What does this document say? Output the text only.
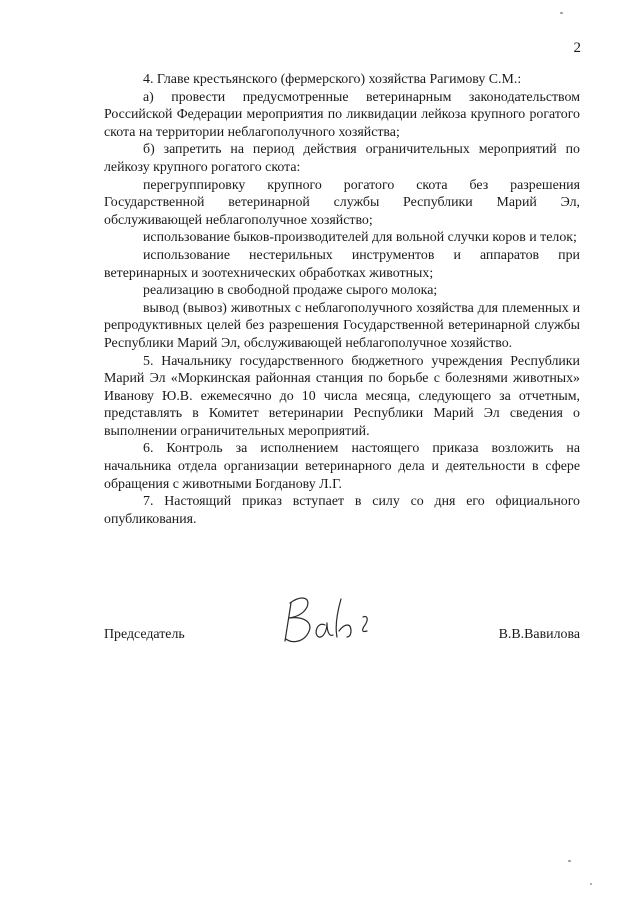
2

4. Главе крестьянского (фермерского) хозяйства Рагимову С.М.:

а) провести предусмотренные ветеринарным законодательством Российской Федерации мероприятия по ликвидации лейкоза крупного рогатого скота на территории неблагополучного хозяйства;

б) запретить на период действия ограничительных мероприятий по лейкозу крупного рогатого скота:

перегруппировку крупного рогатого скота без разрешения Государственной ветеринарной службы Республики Марий Эл, обслуживающей неблагополучное хозяйство;

использование быков-производителей для вольной случки коров и телок;

использование нестерильных инструментов и аппаратов при ветеринарных и зоотехнических обработках животных;

реализацию в свободной продаже сырого молока;

вывод (вывоз) животных с неблагополучного хозяйства для племенных и репродуктивных целей без разрешения Государственной ветеринарной службы Республики Марий Эл, обслуживающей неблагополучное хозяйство.

5. Начальнику государственного бюджетного учреждения Республики Марий Эл «Моркинская районная станция по борьбе с болезнями животных» Иванову Ю.В. ежемесячно до 10 числа месяца, следующего за отчетным, представлять в Комитет ветеринарии Республики Марий Эл сведения о выполнении ограничительных мероприятий.

6. Контроль за исполнением настоящего приказа возложить на начальника отдела организации ветеринарного дела и деятельности в сфере обращения с животными Богданову Л.Г.

7. Настоящий приказ вступает в силу со дня его официального опубликования.

Председатель	В.В.Вавилова
